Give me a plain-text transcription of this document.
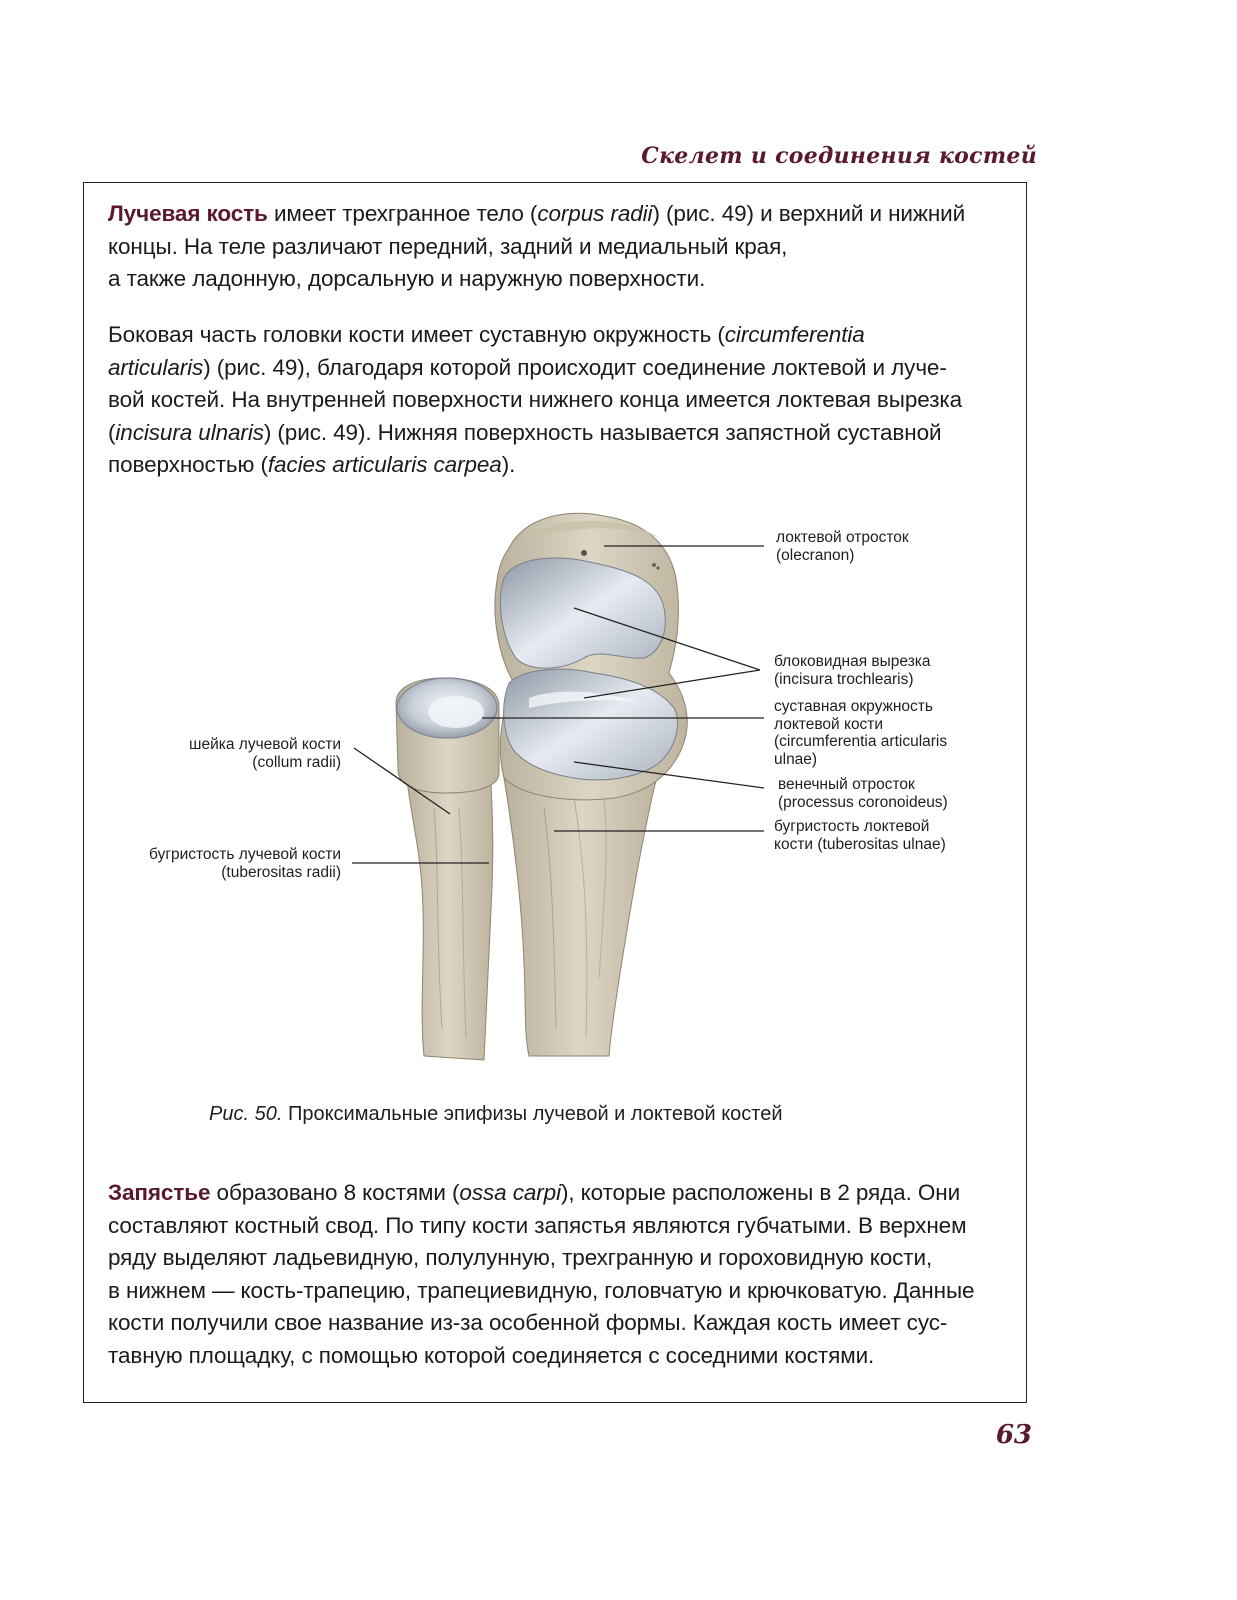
Скелет и соединения костей
Лучевая кость имеет трехгранное тело (corpus radii) (рис. 49) и верхний и нижний
концы. На теле различают передний, задний и медиальный края,
а также ладонную, дорсальную и наружную поверхности.
Боковая часть головки кости имеет суставную окружность (circumferentia
articularis) (рис. 49), благодаря которой происходит соединение локтевой и луче-
вой костей. На внутренней поверхности нижнего конца имеется локтевая вырезка
(incisura ulnaris) (рис. 49). Нижняя поверхность называется запястной суставной
поверхностью (facies articularis carpea).
локтевой отросток
(olecranon)
блоковидная вырезка
(incisura trochlearis)
суставная окружность
локтевой кости
(circumferentia articularis
ulnae)
венечный отросток
(processus coronoideus)
бугристость локтевой
кости (tuberositas ulnae)
шейка лучевой кости
(collum radii)
бугристость лучевой кости
(tuberositas radii)
Рис. 50. Проксимальные эпифизы лучевой и локтевой костей
Запястье образовано 8 костями (ossa carpi), которые расположены в 2 ряда. Они
составляют костный свод. По типу кости запястья являются губчатыми. В верхнем
ряду выделяют ладьевидную, полулунную, трехгранную и гороховидную кости,
в нижнем — кость-трапецию, трапециевидную, головчатую и крючковатую. Данные
кости получили свое название из-за особенной формы. Каждая кость имеет сус-
тавную площадку, с помощью которой соединяется с соседними костями.
63
